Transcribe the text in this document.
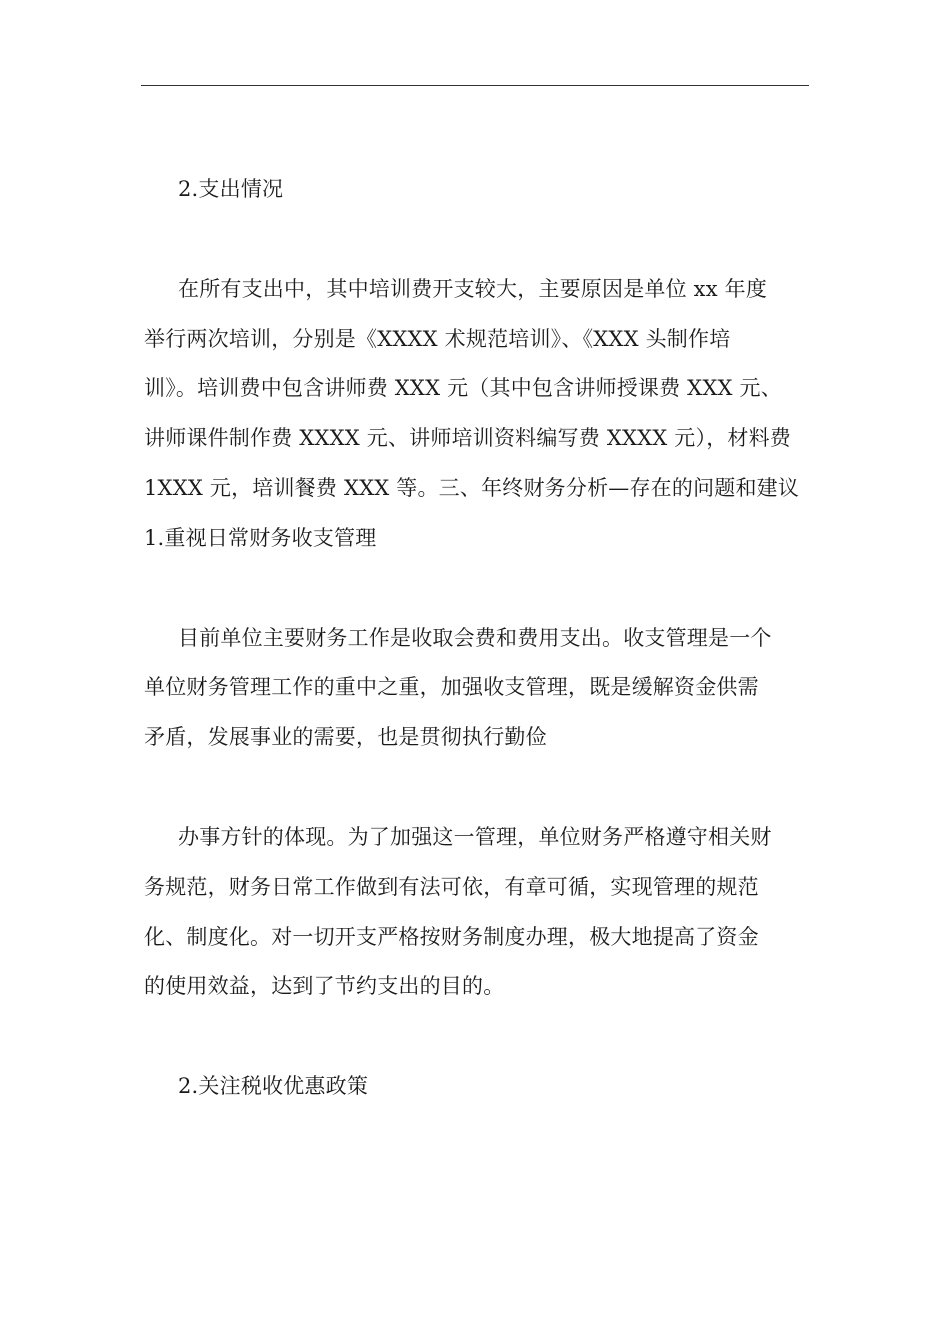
2.支出情况
在所有支出中，其中培训费开支较大，主要原因是单位 xx 年度
举行两次培训，分别是《XXXX 术规范培训》、《XXX 头制作培
训》。培训费中包含讲师费 XXX 元（其中包含讲师授课费 XXX 元、
讲师课件制作费 XXXX 元、讲师培训资料编写费 XXXX 元），材料费
1XXX 元，培训餐费 XXX 等。三、年终财务分析—存在的问题和建议
1.重视日常财务收支管理
目前单位主要财务工作是收取会费和费用支出。收支管理是一个
单位财务管理工作的重中之重，加强收支管理，既是缓解资金供需
矛盾，发展事业的需要，也是贯彻执行勤俭
办事方针的体现。为了加强这一管理，单位财务严格遵守相关财
务规范，财务日常工作做到有法可依，有章可循，实现管理的规范
化、制度化。对一切开支严格按财务制度办理，极大地提高了资金
的使用效益，达到了节约支出的目的。
2.关注税收优惠政策
